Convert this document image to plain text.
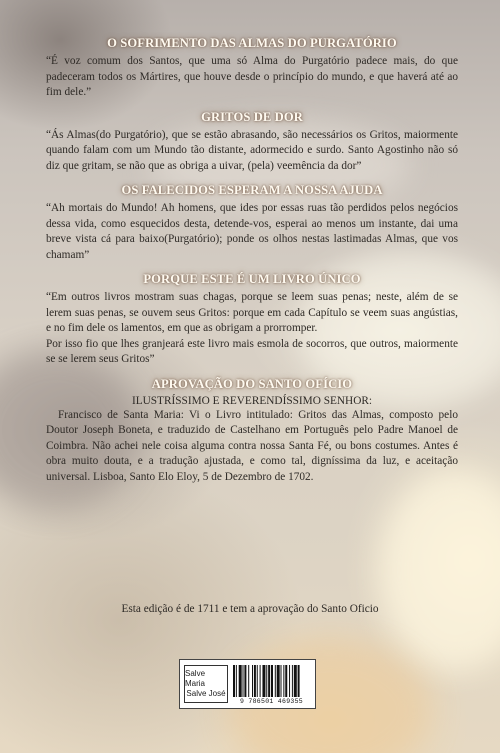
O SOFRIMENTO DAS ALMAS DO PURGATÓRIO

“É voz comum dos Santos, que uma só Alma do Purgatório padece mais, do que padeceram todos os Mártires, que houve desde o princípio do mundo, e que haverá até ao fim dele.”

GRITOS DE DOR

“Ás Almas(do Purgatório), que se estão abrasando, são necessários os Gritos, maiormente quando falam com um Mundo tão distante, adormecido e surdo. Santo Agostinho não só diz que gritam, se não que as obriga a uivar, (pela) veemência da dor”

OS FALECIDOS ESPERAM A NOSSA AJUDA

“Ah mortais do Mundo! Ah homens, que ides por essas ruas tão perdidos pelos negócios dessa vida, como esquecidos desta, detende-vos, esperai ao menos um instante, dai uma breve vista cá para baixo(Purgatório); ponde os olhos nestas lastimadas Almas, que vos chamam”

PORQUE ESTE É UM LIVRO ÚNICO

“Em outros livros mostram suas chagas, porque se leem suas penas; neste, além de se lerem suas penas, se ouvem seus Gritos: porque em cada Capítulo se veem suas angústias, e no fim dele os lamentos, em que as obrigam a prorromper.

Por isso fio que lhes granjeará este livro mais esmola de socorros, que outros, maiormente se se lerem seus Gritos”

APROVAÇÃO DO SANTO OFÍCIO
ILUSTRÍSSIMO E REVERENDÍSSIMO SENHOR:

Francisco de Santa Maria: Vi o Livro intitulado: Gritos das Almas, composto pelo Doutor Joseph Boneta, e traduzido de Castelhano em Português pelo Padre Manoel de Coimbra. Não achei nele coisa alguma contra nossa Santa Fé, ou bons costumes. Antes é obra muito douta, e a tradução ajustada, e como tal, digníssima da luz, e aceitação universal. Lisboa, Santo Elo Eloy, 5 de Dezembro de 1702.

Esta edição é de 1711 e tem a aprovação do Santo Oficio
Salve Maria
Salve José
9 786501 469355
